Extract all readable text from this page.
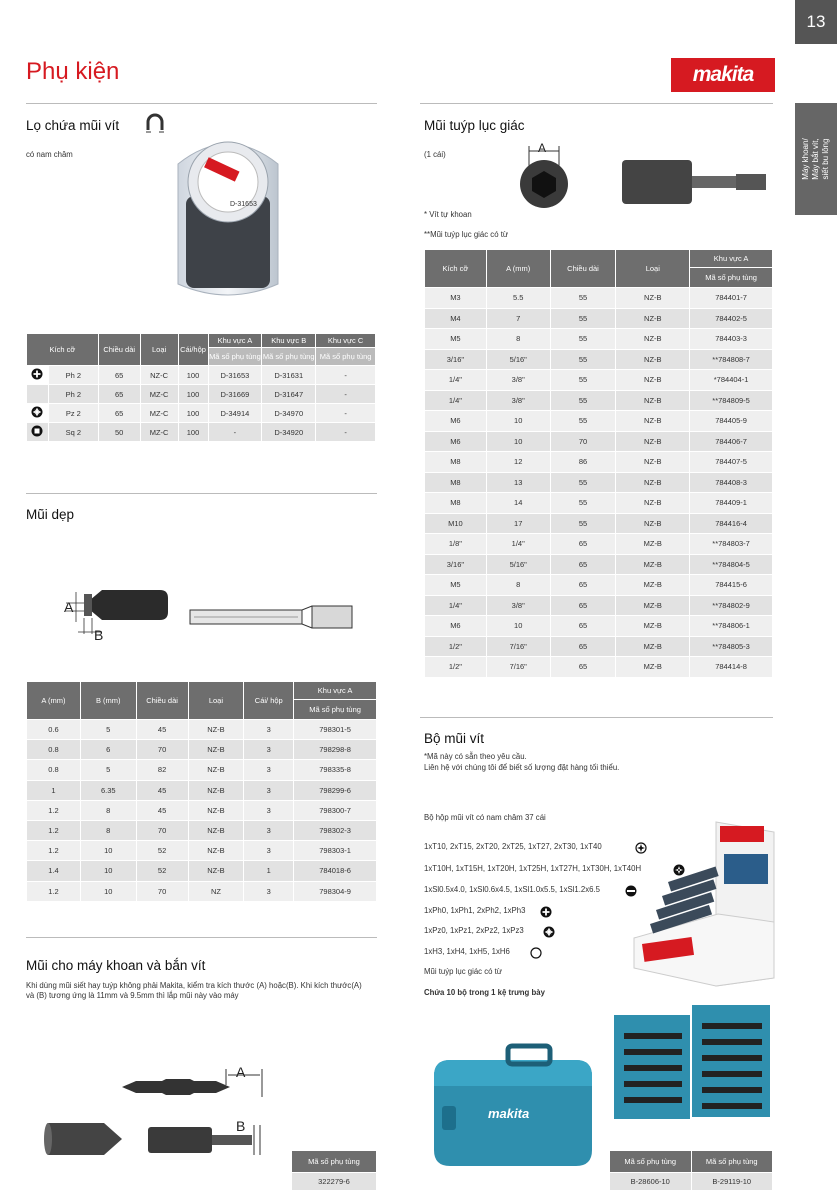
13
Máy khoan/ Máy bắt vít, siết bu lông
Phụ kiện	makita
Lọ chứa mũi vít
có nam châm
D-31653
Kích cỡ		Chiều dài	Loại	Cái/hộp	Khu vực A	Khu vực B	Khu vực C
					Mã số phụ tùng	Mã số phụ tùng	Mã số phụ tùng
	Ph 2	65	NZ-C	100	D-31653	D-31631	-
	Ph 2	65	MZ-C	100	D-31669	D-31647	-
	Pz 2	65	MZ-C	100	D-34914	D-34970	-
	Sq 2	50	MZ-C	100	-	D-34920	-
Mũi dẹp
A
B
A (mm)	B (mm)	Chiều dài	Loại	Cái/ hộp	Khu vực A
					Mã số phụ tùng
0.6	5	45	NZ-B	3	798301-5
0.8	6	70	NZ-B	3	798298-8
0.8	5	82	NZ-B	3	798335-8
1	6.35	45	NZ-B	3	798299-6
1.2	8	45	NZ-B	3	798300-7
1.2	8	70	NZ-B	3	798302-3
1.2	10	52	NZ-B	3	798303-1
1.4	10	52	NZ-B	1	784018-6
1.2	10	70	NZ	3	798304-9
Mũi cho máy khoan và bắn vít
Khi dùng mũi siết hay tuýp không phải Makita, kiểm tra kích thước (A) hoặc(B). Khi kích thước(A) và (B) tương ứng là 11mm và 9.5mm thì lắp mũi này vào máy
A
B
Mã số phụ tùng
322279-6
Mũi tuýp lục giác
(1 cái)	A
* Vít tự khoan
**Mũi tuýp lục giác có từ
Kích cỡ	A (mm)	Chiều dài	Loại	Khu vực A
				Mã số phụ tùng
M3	5.5	55	NZ-B	784401-7
M4	7	55	NZ-B	784402-5
M5	8	55	NZ-B	784403-3
3/16"	5/16"	55	NZ-B	**784808-7
1/4"	3/8"	55	NZ-B	*784404-1
1/4"	3/8"	55	NZ-B	**784809-5
M6	10	55	NZ-B	784405-9
M6	10	70	NZ-B	784406-7
M8	12	86	NZ-B	784407-5
M8	13	55	NZ-B	784408-3
M8	14	55	NZ-B	784409-1
M10	17	55	NZ-B	784416-4
1/8"	1/4"	65	MZ-B	**784803-7
3/16"	5/16"	65	MZ-B	**784804-5
M5	8	65	MZ-B	784415-6
1/4"	3/8"	65	MZ-B	**784802-9
M6	10	65	MZ-B	**784806-1
1/2"	7/16"	65	MZ-B	**784805-3
1/2"	7/16"	65	MZ-B	784414-8
Bộ mũi vít
*Mã này có sẵn theo yêu cầu.
Liên hệ với chúng tôi để biết số lượng đặt hàng tối thiểu.
Bộ hộp mũi vít có nam châm 37 cái
1xT10, 2xT15, 2xT20, 2xT25, 1xT27, 2xT30, 1xT40
1xT10H, 1xT15H, 1xT20H, 1xT25H, 1xT27H, 1xT30H, 1xT40H
1xSl0.5x4.0, 1xSl0.6x4.5, 1xSl1.0x5.5, 1xSl1.2x6.5
1xPh0, 1xPh1, 2xPh2, 1xPh3
1xPz0, 1xPz1, 2xPz2, 1xPz3
1xH3, 1xH4, 1xH5, 1xH6
Mũi tuýp lục giác có từ
Chứa 10 bộ trong 1 kệ trưng bày
makita
Mã số phụ tùng	Mã số phụ tùng
B-28606-10	B-29119-10
